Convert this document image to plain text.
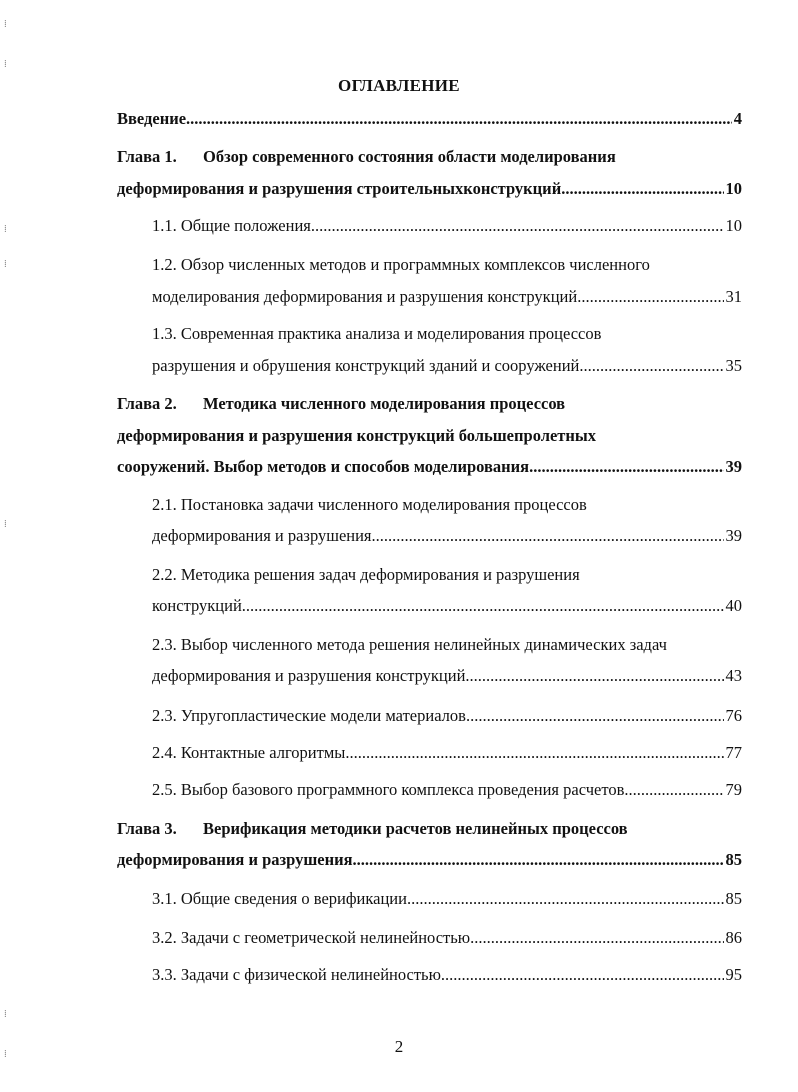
ОГЛАВЛЕНИЕ
Введение .....	4
Глава 1. Обзор современного состояния области моделирования
деформирования и разрушения строительныхконструкций .....	10
1.1. Общие положения .....	10
1.2. Обзор численных методов и программных комплексов численного
моделирования деформирования и разрушения конструкций .....	31
1.3. Современная практика анализа и моделирования процессов
разрушения и обрушения конструкций зданий и сооружений .....	35
Глава 2. Методика численного моделирования процессов
деформирования и разрушения конструкций большепролетных
сооружений. Выбор методов и способов моделирования. .....	39
2.1. Постановка задачи численного моделирования процессов
деформирования и разрушения .....	39
2.2. Методика решения задач деформирования и разрушения
конструкций .....	40
2.3. Выбор численного метода решения нелинейных динамических задач
деформирования и разрушения конструкций .....	43
2.3. Упругопластические модели материалов .....	76
2.4. Контактные алгоритмы .....	77
2.5. Выбор базового программного комплекса проведения расчетов .....	79
Глава 3. Верификация методики расчетов нелинейных процессов
деформирования и разрушения .....	85
3.1. Общие сведения о верификации .....	85
3.2. Задачи с геометрической нелинейностью .....	86
3.3. Задачи с физической нелинейностью .....	95
2
⁞
⁞
⁞
⁞
⁞
⁞
⁞
